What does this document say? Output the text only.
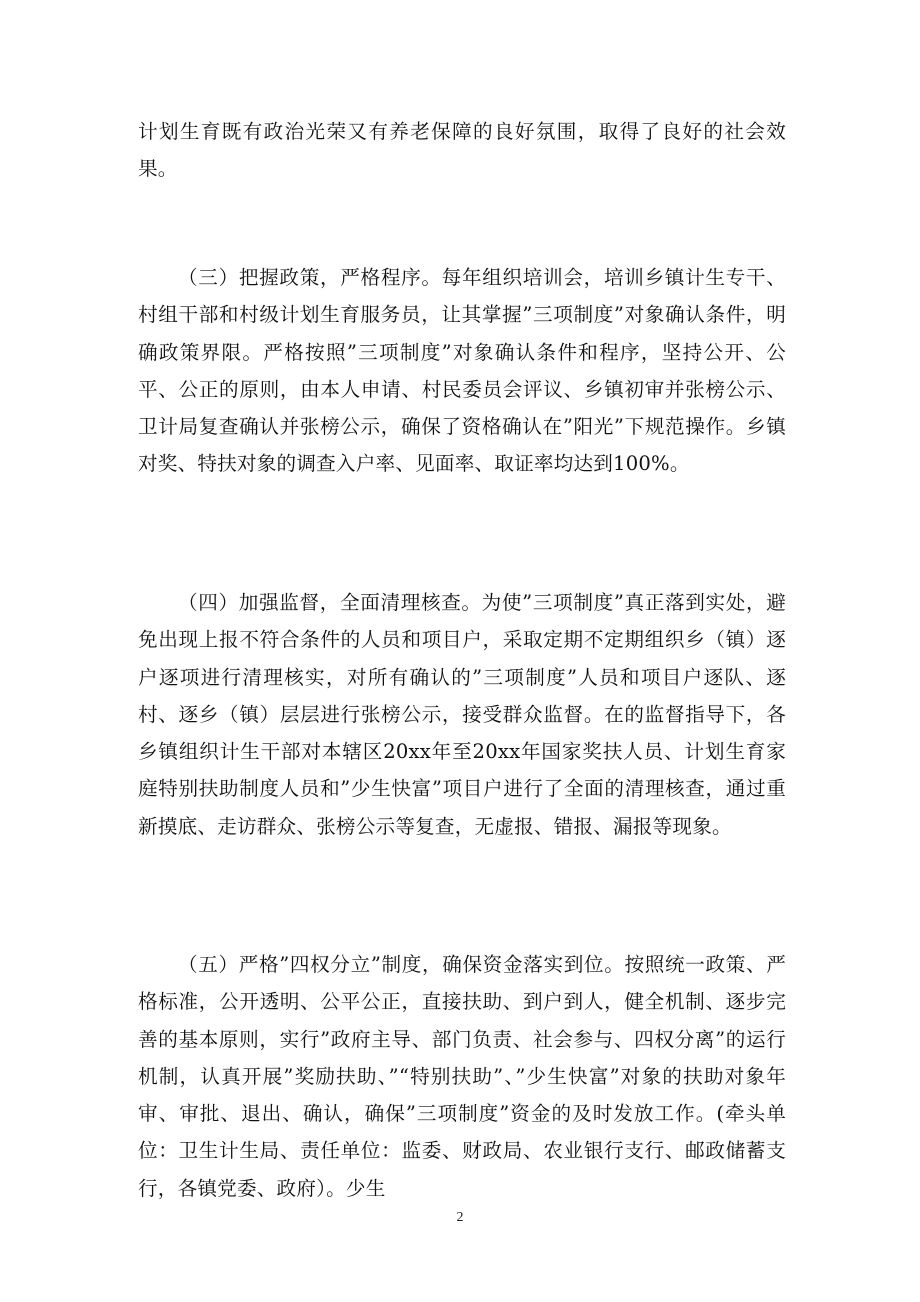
计划生育既有政治光荣又有养老保障的良好氛围，取得了良好的社会效果。

（三）把握政策，严格程序。每年组织培训会，培训乡镇计生专干、村组干部和村级计划生育服务员，让其掌握”三项制度”对象确认条件，明确政策界限。严格按照”三项制度”对象确认条件和程序，坚持公开、公平、公正的原则，由本人申请、村民委员会评议、乡镇初审并张榜公示、卫计局复查确认并张榜公示，确保了资格确认在”阳光”下规范操作。乡镇对奖、特扶对象的调查入户率、见面率、取证率均达到100%。

（四）加强监督，全面清理核查。为使”三项制度”真正落到实处，避免出现上报不符合条件的人员和项目户，采取定期不定期组织乡（镇）逐户逐项进行清理核实，对所有确认的”三项制度”人员和项目户逐队、逐村、逐乡（镇）层层进行张榜公示，接受群众监督。在的监督指导下，各乡镇组织计生干部对本辖区20xx年至20xx年国家奖扶人员、计划生育家庭特别扶助制度人员和”少生快富”项目户进行了全面的清理核查，通过重新摸底、走访群众、张榜公示等复查，无虚报、错报、漏报等现象。

（五）严格”四权分立”制度，确保资金落实到位。按照统一政策、严格标准，公开透明、公平公正，直接扶助、到户到人，健全机制、逐步完善的基本原则，实行”政府主导、部门负责、社会参与、四权分离”的运行机制，认真开展”奖励扶助、”“特别扶助”、”少生快富”对象的扶助对象年审、审批、退出、确认，确保”三项制度”资金的及时发放工作。(牵头单位：卫生计生局、责任单位：监委、财政局、农业银行支行、邮政储蓄支行，各镇党委、政府）。少生

2
